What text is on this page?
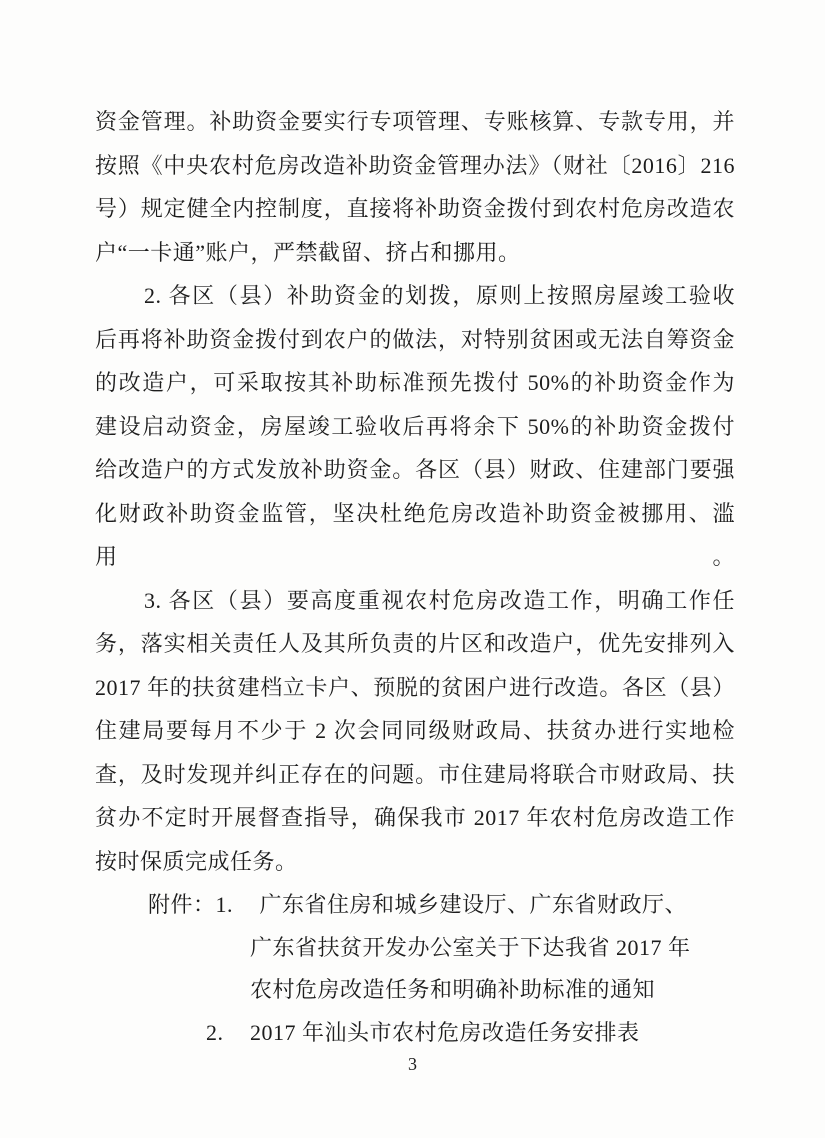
资金管理。补助资金要实行专项管理、专账核算、专款专用，并
按照《中央农村危房改造补助资金管理办法》（财社〔2016〕216
号）规定健全内控制度，直接将补助资金拨付到农村危房改造农
户“一卡通”账户，严禁截留、挤占和挪用。
2. 各区（县）补助资金的划拨，原则上按照房屋竣工验收
后再将补助资金拨付到农户的做法，对特别贫困或无法自筹资金
的改造户，可采取按其补助标准预先拨付 50%的补助资金作为
建设启动资金，房屋竣工验收后再将余下 50%的补助资金拨付
给改造户的方式发放补助资金。各区（县）财政、住建部门要强
化财政补助资金监管，坚决杜绝危房改造补助资金被挪用、滥用。
3. 各区（县）要高度重视农村危房改造工作，明确工作任
务，落实相关责任人及其所负责的片区和改造户，优先安排列入
2017 年的扶贫建档立卡户、预脱的贫困户进行改造。各区（县）
住建局要每月不少于 2 次会同同级财政局、扶贫办进行实地检
查，及时发现并纠正存在的问题。市住建局将联合市财政局、扶
贫办不定时开展督查指导，确保我市 2017 年农村危房改造工作
按时保质完成任务。
附件：1. 广东省住房和城乡建设厅、广东省财政厅、
广东省扶贫开发办公室关于下达我省 2017 年
农村危房改造任务和明确补助标准的通知
2. 2017 年汕头市农村危房改造任务安排表
3
